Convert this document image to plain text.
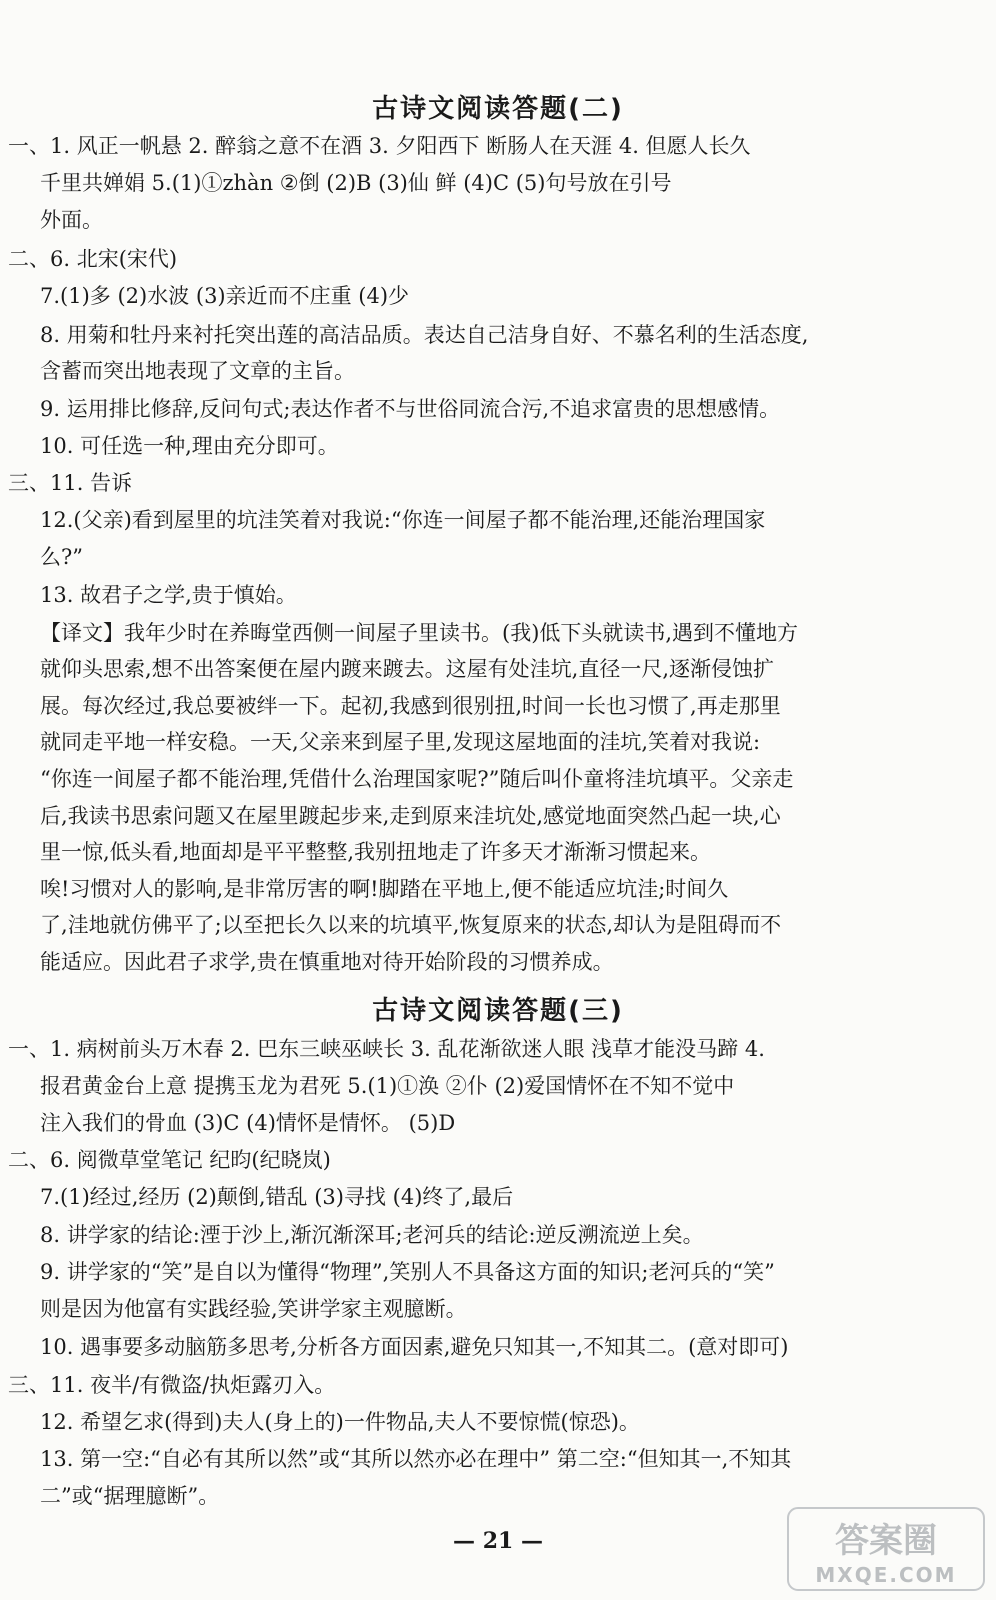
古诗文阅读答题(二)
一、1. 风正一帆悬 2. 醉翁之意不在酒 3. 夕阳西下 断肠人在天涯 4. 但愿人长久
千里共婵娟 5.(1)①zhàn ②倒 (2)B (3)仙 鲜 (4)C (5)句号放在引号
外面。
二、6. 北宋(宋代)
7.(1)多 (2)水波 (3)亲近而不庄重 (4)少
8. 用菊和牡丹来衬托突出莲的高洁品质。表达自己洁身自好、不慕名利的生活态度,
含蓄而突出地表现了文章的主旨。
9. 运用排比修辞,反问句式;表达作者不与世俗同流合污,不追求富贵的思想感情。
10. 可任选一种,理由充分即可。
三、11. 告诉
12.(父亲)看到屋里的坑洼笑着对我说:“你连一间屋子都不能治理,还能治理国家
么?”
13. 故君子之学,贵于慎始。
【译文】我年少时在养晦堂西侧一间屋子里读书。(我)低下头就读书,遇到不懂地方
就仰头思索,想不出答案便在屋内踱来踱去。这屋有处洼坑,直径一尺,逐渐侵蚀扩
展。每次经过,我总要被绊一下。起初,我感到很别扭,时间一长也习惯了,再走那里
就同走平地一样安稳。一天,父亲来到屋子里,发现这屋地面的洼坑,笑着对我说:
“你连一间屋子都不能治理,凭借什么治理国家呢?”随后叫仆童将洼坑填平。父亲走
后,我读书思索问题又在屋里踱起步来,走到原来洼坑处,感觉地面突然凸起一块,心
里一惊,低头看,地面却是平平整整,我别扭地走了许多天才渐渐习惯起来。
唉!习惯对人的影响,是非常厉害的啊!脚踏在平地上,便不能适应坑洼;时间久
了,洼地就仿佛平了;以至把长久以来的坑填平,恢复原来的状态,却认为是阻碍而不
能适应。因此君子求学,贵在慎重地对待开始阶段的习惯养成。
古诗文阅读答题(三)
一、1. 病树前头万木春 2. 巴东三峡巫峡长 3. 乱花渐欲迷人眼 浅草才能没马蹄 4.
报君黄金台上意 提携玉龙为君死 5.(1)①涣 ②仆 (2)爱国情怀在不知不觉中
注入我们的骨血 (3)C (4)情怀是情怀。 (5)D
二、6. 阅微草堂笔记 纪昀(纪晓岚)
7.(1)经过,经历 (2)颠倒,错乱 (3)寻找 (4)终了,最后
8. 讲学家的结论:湮于沙上,渐沉渐深耳;老河兵的结论:逆反溯流逆上矣。
9. 讲学家的“笑”是自以为懂得“物理”,笑别人不具备这方面的知识;老河兵的“笑”
则是因为他富有实践经验,笑讲学家主观臆断。
10. 遇事要多动脑筋多思考,分析各方面因素,避免只知其一,不知其二。(意对即可)
三、11. 夜半/有微盗/执炬露刃入。
12. 希望乞求(得到)夫人(身上的)一件物品,夫人不要惊慌(惊恐)。
13. 第一空:“自必有其所以然”或“其所以然亦必在理中” 第二空:“但知其一,不知其
二”或“据理臆断”。
— 21 —	答案圈
MXQE.COM
